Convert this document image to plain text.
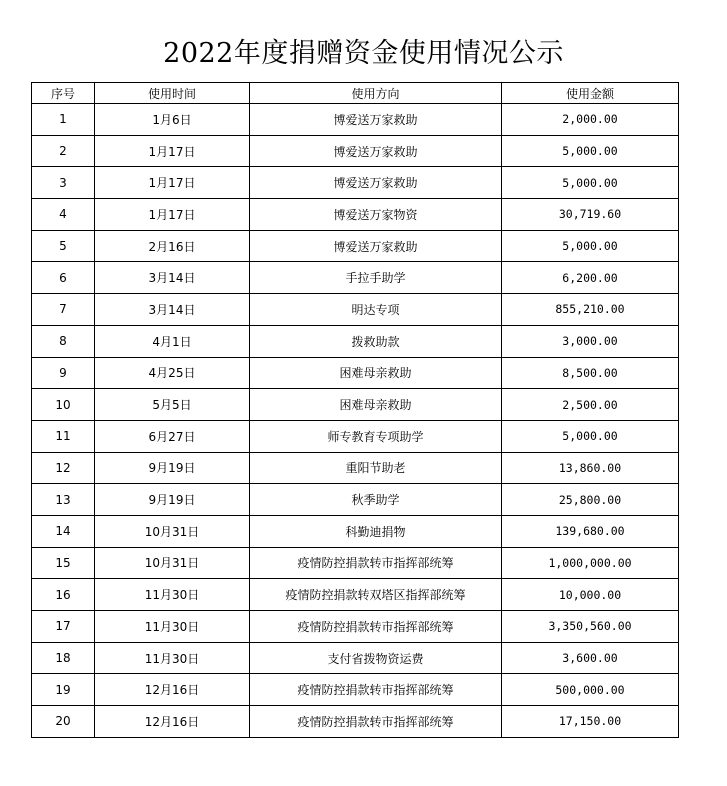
2022年度捐赠资金使用情况公示
序号	使用时间	使用方向	使用金额
1	1月6日	博爱送万家救助	2,000.00
2	1月17日	博爱送万家救助	5,000.00
3	1月17日	博爱送万家救助	5,000.00
4	1月17日	博爱送万家物资	30,719.60
5	2月16日	博爱送万家救助	5,000.00
6	3月14日	手拉手助学	6,200.00
7	3月14日	明达专项	855,210.00
8	4月1日	拨救助款	3,000.00
9	4月25日	困难母亲救助	8,500.00
10	5月5日	困难母亲救助	2,500.00
11	6月27日	师专教育专项助学	5,000.00
12	9月19日	重阳节助老	13,860.00
13	9月19日	秋季助学	25,800.00
14	10月31日	科勤迪捐物	139,680.00
15	10月31日	疫情防控捐款转市指挥部统筹	1,000,000.00
16	11月30日	疫情防控捐款转双塔区指挥部统筹	10,000.00
17	11月30日	疫情防控捐款转市指挥部统筹	3,350,560.00
18	11月30日	支付省拨物资运费	3,600.00
19	12月16日	疫情防控捐款转市指挥部统筹	500,000.00
20	12月16日	疫情防控捐款转市指挥部统筹	17,150.00
